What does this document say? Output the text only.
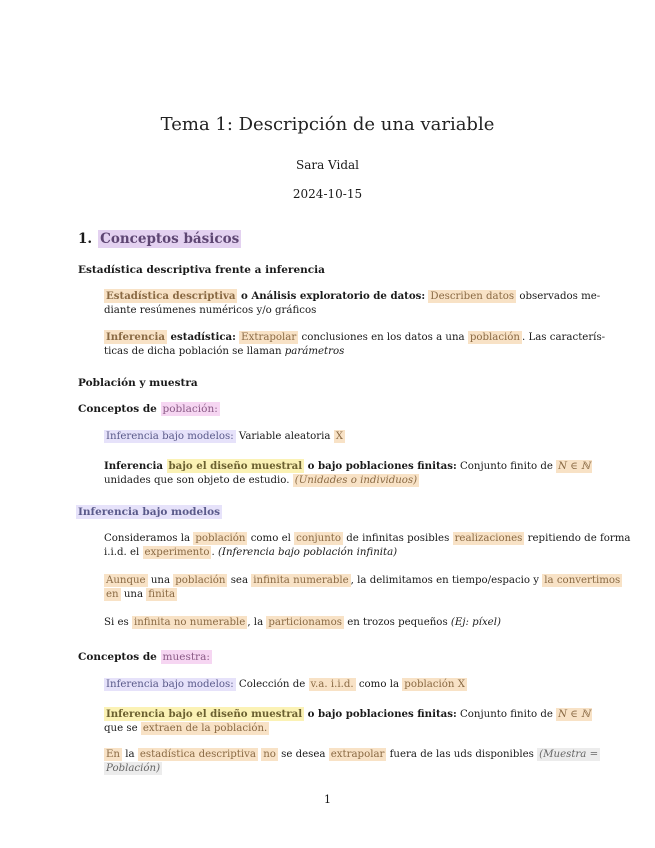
Tema 1: Descripción de una variable
Sara Vidal
2024-10-15
1. Conceptos básicos
Estadística descriptiva frente a inferencia
Estadística descriptiva o Análisis exploratorio de datos: Describen datos observados me-
diante resúmenes numéricos y/o gráficos
Inferencia estadística: Extrapolar conclusiones en los datos a una población . Las caracterís-
ticas de dicha población se llaman parámetros
Población y muestra
Conceptos de población:
Inferencia bajo modelos: Variable aleatoria X
Inferencia bajo el diseño muestral o bajo poblaciones finitas: Conjunto finito de N ∈ ℕ
unidades que son objeto de estudio. (Unidades o individuos)
Inferencia bajo modelos
Consideramos la población como el conjunto de infinitas posibles realizaciones repitiendo de forma
i.i.d. el experimento . (Inferencia bajo población infinita)
Aunque una población sea infinita numerable , la delimitamos en tiempo/espacio y la convertimos
en una finita
Si es infinita no numerable , la particionamos en trozos pequeños (Ej: píxel)
Conceptos de muestra:
Inferencia bajo modelos: Colección de v.a. i.i.d. como la población X
Inferencia bajo el diseño muestral o bajo poblaciones finitas: Conjunto finito de N ∈ ℕ
que se extraen de la población.
En la estadística descriptiva no se desea extrapolar fuera de las uds disponibles (Muestra =
Población)
1
